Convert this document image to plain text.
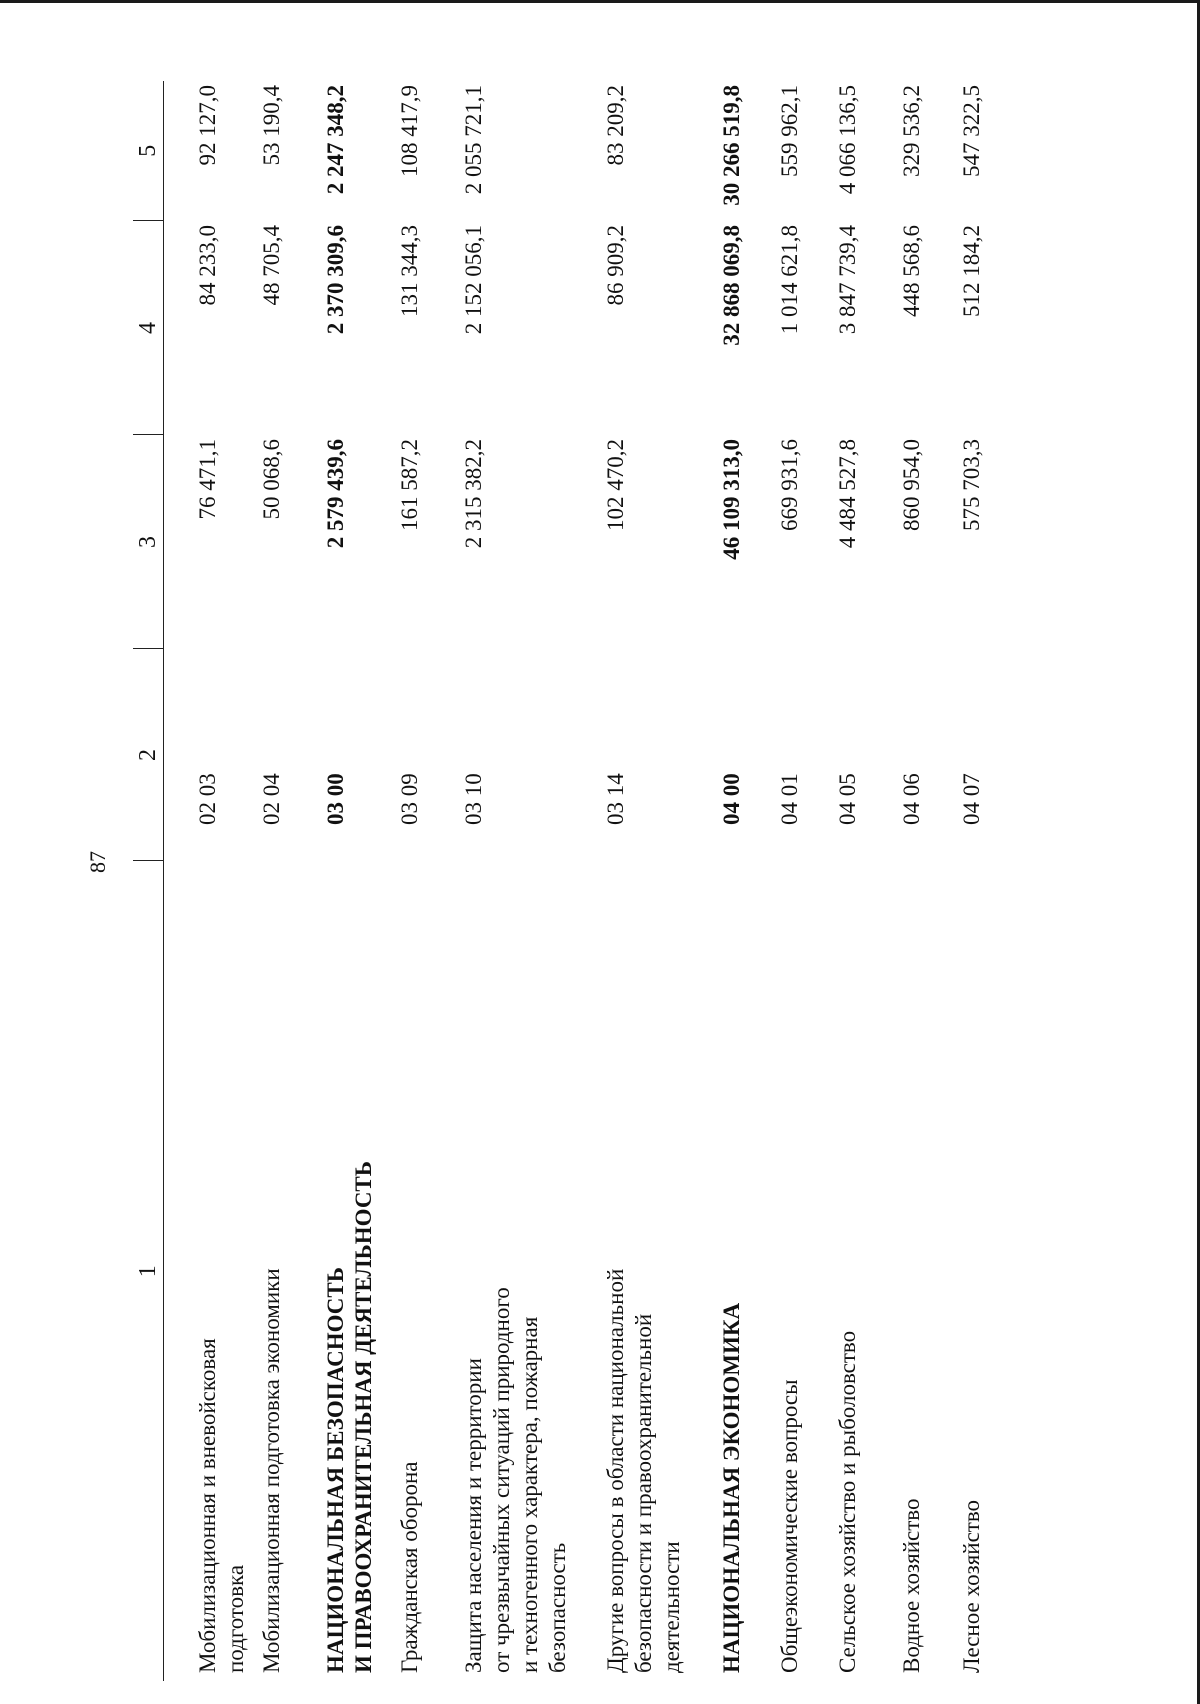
87
1	2	3	4	5

Мобилизационная и вневойсковая подготовка	02 03	76 471,1	84 233,0	92 127,0

Мобилизационная подготовка экономики	02 04	50 068,6	48 705,4	53 190,4

НАЦИОНАЛЬНАЯ БЕЗОПАСНОСТЬ И ПРАВООХРАНИТЕЛЬНАЯ ДЕЯТЕЛЬНОСТЬ	03 00	2 579 439,6	2 370 309,6	2 247 348,2

Гражданская оборона	03 09	161 587,2	131 344,3	108 417,9

Защита населения и территории от чрезвычайных ситуаций природного и техногенного характера, пожарная безопасность	03 10	2 315 382,2	2 152 056,1	2 055 721,1

Другие вопросы в области национальной безопасности и правоохранительной деятельности	03 14	102 470,2	86 909,2	83 209,2

НАЦИОНАЛЬНАЯ ЭКОНОМИКА	04 00	46 109 313,0	32 868 069,8	30 266 519,8

Общеэкономические вопросы	04 01	669 931,6	1 014 621,8	559 962,1

Сельское хозяйство и рыболовство	04 05	4 484 527,8	3 847 739,4	4 066 136,5

Водное хозяйство	04 06	860 954,0	448 568,6	329 536,2

Лесное хозяйство	04 07	575 703,3	512 184,2	547 322,5
